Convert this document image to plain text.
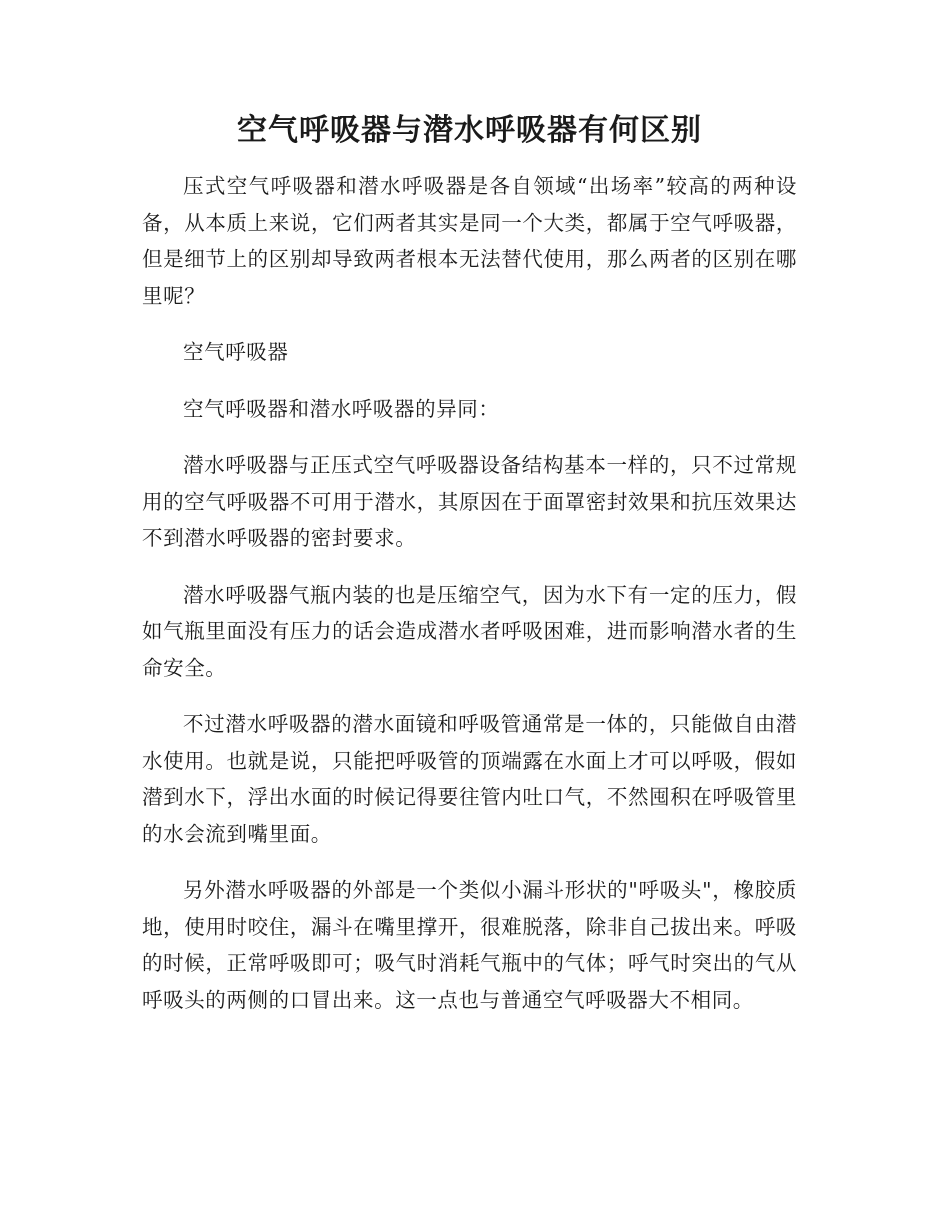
空气呼吸器与潜水呼吸器有何区别

压式空气呼吸器和潜水呼吸器是各自领域“出场率”较高的两种设备，从本质上来说，它们两者其实是同一个大类，都属于空气呼吸器，但是细节上的区别却导致两者根本无法替代使用，那么两者的区别在哪里呢？

空气呼吸器

空气呼吸器和潜水呼吸器的异同：

潜水呼吸器与正压式空气呼吸器设备结构基本一样的，只不过常规用的空气呼吸器不可用于潜水，其原因在于面罩密封效果和抗压效果达不到潜水呼吸器的密封要求。

潜水呼吸器气瓶内装的也是压缩空气，因为水下有一定的压力，假如气瓶里面没有压力的话会造成潜水者呼吸困难，进而影响潜水者的生命安全。

不过潜水呼吸器的潜水面镜和呼吸管通常是一体的，只能做自由潜水使用。也就是说，只能把呼吸管的顶端露在水面上才可以呼吸，假如潜到水下，浮出水面的时候记得要往管内吐口气，不然囤积在呼吸管里的水会流到嘴里面。

另外潜水呼吸器的外部是一个类似小漏斗形状的"呼吸头"，橡胶质地，使用时咬住，漏斗在嘴里撑开，很难脱落，除非自己拔出来。呼吸的时候，正常呼吸即可；吸气时消耗气瓶中的气体；呼气时突出的气从呼吸头的两侧的口冒出来。这一点也与普通空气呼吸器大不相同。
